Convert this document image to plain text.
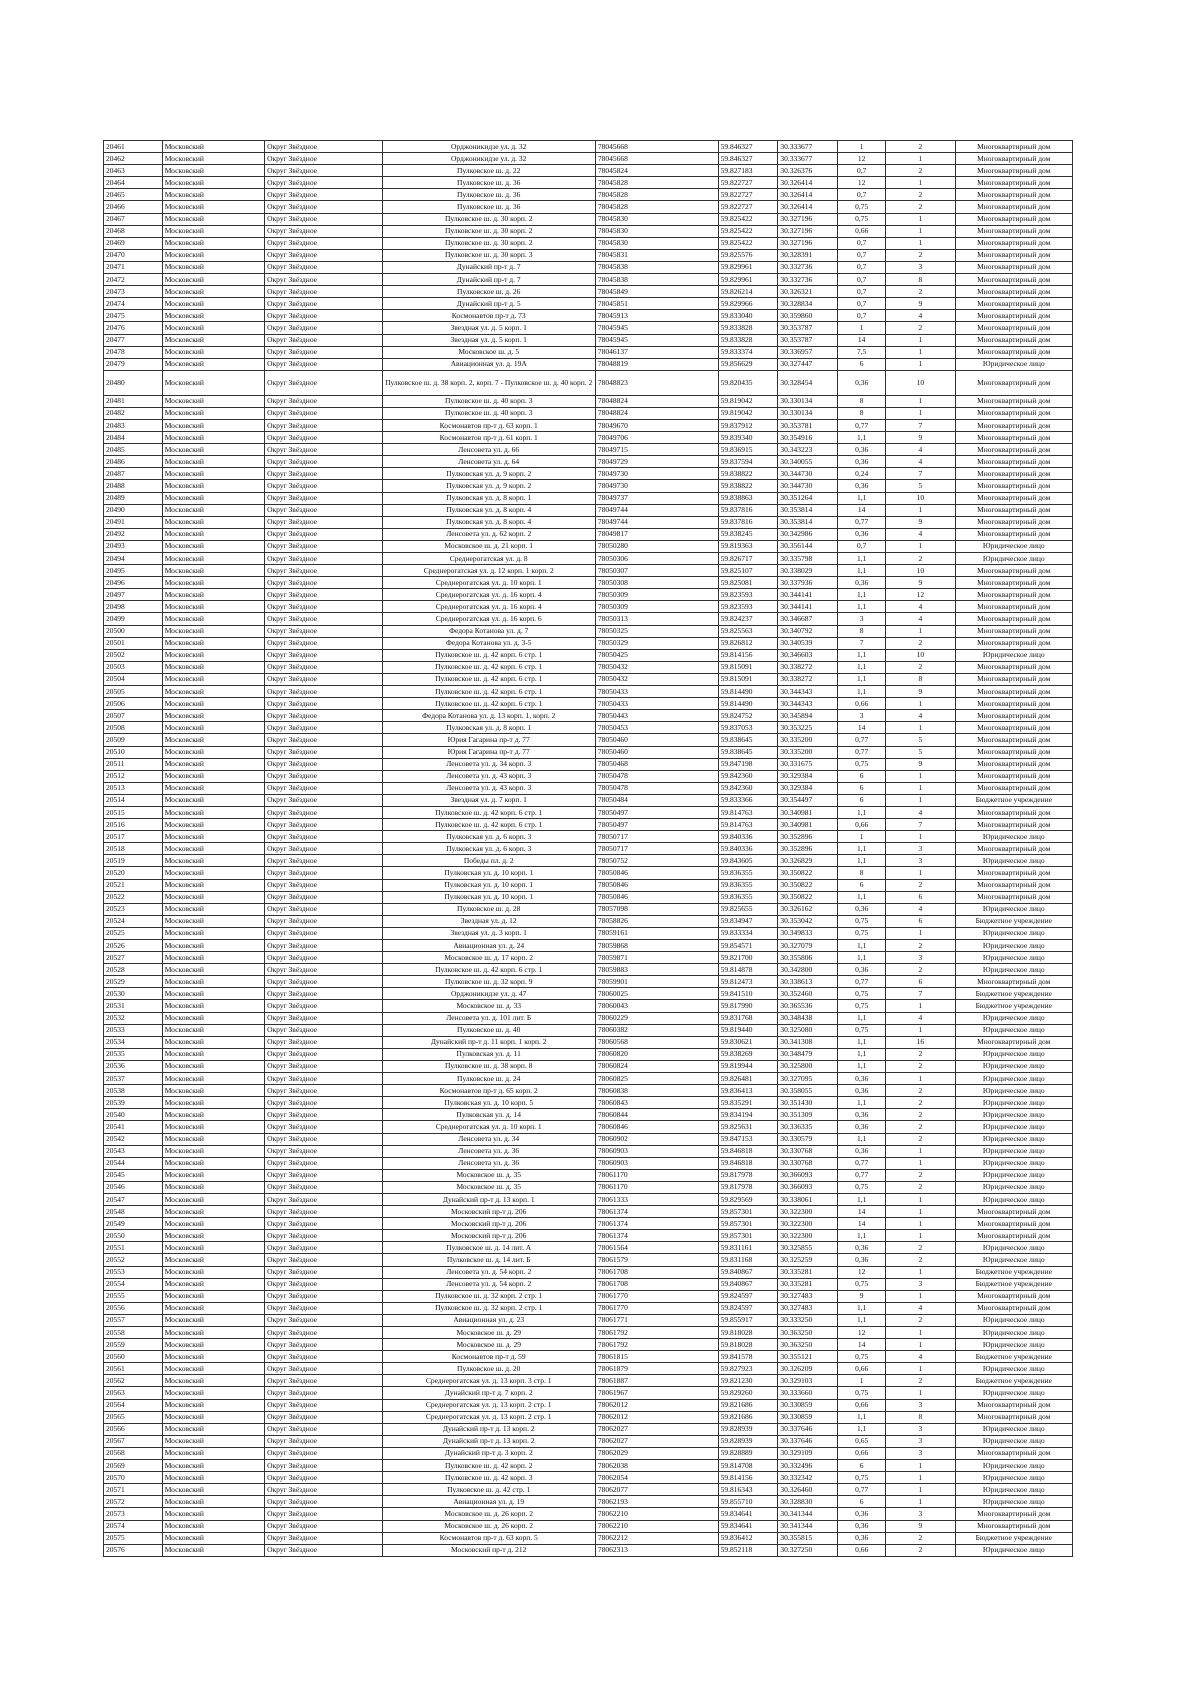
20461	Московский	Округ Звёздное	Орджоникидзе ул. д. 32	78045668	59.846327	30.333677	1	2	Многоквартирный дом
20462	Московский	Округ Звёздное	Орджоникидзе ул. д. 32	78045668	59.846327	30.333677	12	1	Многоквартирный дом
20463	Московский	Округ Звёздное	Пулковское ш. д. 22	78045824	59.827183	30.326376	0,7	2	Многоквартирный дом
20464	Московский	Округ Звёздное	Пулковское ш. д. 36	78045828	59.822727	30.326414	12	1	Многоквартирный дом
20465	Московский	Округ Звёздное	Пулковское ш. д. 36	78045828	59.822727	30.326414	0,7	2	Многоквартирный дом
20466	Московский	Округ Звёздное	Пулковское ш. д. 36	78045828	59.822727	30.326414	0,75	2	Многоквартирный дом
20467	Московский	Округ Звёздное	Пулковское ш. д. 30 корп. 2	78045830	59.825422	30.327196	0,75	1	Многоквартирный дом
20468	Московский	Округ Звёздное	Пулковское ш. д. 30 корп. 2	78045830	59.825422	30.327196	0,66	1	Многоквартирный дом
20469	Московский	Округ Звёздное	Пулковское ш. д. 30 корп. 2	78045830	59.825422	30.327196	0,7	1	Многоквартирный дом
20470	Московский	Округ Звёздное	Пулковское ш. д. 30 корп. 3	78045831	59.825576	30.328391	0,7	2	Многоквартирный дом
20471	Московский	Округ Звёздное	Дунайский пр-т д. 7	78045838	59.829961	30.332736	0,7	3	Многоквартирный дом
20472	Московский	Округ Звёздное	Дунайский пр-т д. 7	78045838	59.829961	30.332736	0,7	8	Многоквартирный дом
20473	Московский	Округ Звёздное	Пулковское ш. д. 26	78045849	59.826214	30.326321	0,7	2	Многоквартирный дом
20474	Московский	Округ Звёздное	Дунайский пр-т д. 5	78045851	59.829966	30.328834	0,7	9	Многоквартирный дом
20475	Московский	Округ Звёздное	Космонавтов пр-т д. 73	78045913	59.833040	30.359860	0,7	4	Многоквартирный дом
20476	Московский	Округ Звёздное	Звездная ул. д. 5 корп. 1	78045945	59.833828	30.353787	1	2	Многоквартирный дом
20477	Московский	Округ Звёздное	Звездная ул. д. 5 корп. 1	78045945	59.833828	30.353787	14	1	Многоквартирный дом
20478	Московский	Округ Звёздное	Московское ш. д. 5	78046137	59.833374	30.336957	7,5	1	Многоквартирный дом
20479	Московский	Округ Звёздное	Авиационная ул. д. 19А	78048819	59.856629	30.327447	6	1	Юридическое лицо
20480	Московский	Округ Звёздное	Пулковское ш. д. 38 корп. 2, корп. 7 - Пулковское ш. д. 40 корп. 2	78048823	59.820435	30.328454	0,36	10	Многоквартирный дом
20481	Московский	Округ Звёздное	Пулковское ш. д. 40 корп. 3	78048824	59.819042	30.330134	8	1	Многоквартирный дом
20482	Московский	Округ Звёздное	Пулковское ш. д. 40 корп. 3	78048824	59.819042	30.330134	8	1	Многоквартирный дом
20483	Московский	Округ Звёздное	Космонавтов пр-т д. 63 корп. 1	78049670	59.837912	30.353781	0,77	7	Многоквартирный дом
20484	Московский	Округ Звёздное	Космонавтов пр-т д. 61 корп. 1	78049706	59.839340	30.354916	1,1	9	Многоквартирный дом
20485	Московский	Округ Звёздное	Ленсовета ул. д. 66	78049715	59.836915	30.343223	0,36	4	Многоквартирный дом
20486	Московский	Округ Звёздное	Ленсовета ул. д. 64	78049729	59.837594	30.340055	0,36	4	Многоквартирный дом
20487	Московский	Округ Звёздное	Пулковская ул. д. 9 корп. 2	78049730	59.838822	30.344730	0,24	7	Многоквартирный дом
20488	Московский	Округ Звёздное	Пулковская ул. д. 9 корп. 2	78049730	59.838822	30.344730	0,36	5	Многоквартирный дом
20489	Московский	Округ Звёздное	Пулковская ул. д. 8 корп. 1	78049737	59.838863	30.351264	1,1	10	Многоквартирный дом
20490	Московский	Округ Звёздное	Пулковская ул. д. 8 корп. 4	78049744	59.837816	30.353814	14	1	Многоквартирный дом
20491	Московский	Округ Звёздное	Пулковская ул. д. 8 корп. 4	78049744	59.837816	30.353814	0,77	9	Многоквартирный дом
20492	Московский	Округ Звёздное	Ленсовета ул. д. 62 корп. 2	78049817	59.838245	30.342986	0,36	4	Многоквартирный дом
20493	Московский	Округ Звёздное	Московское ш. д. 21 корп. 1	78050280	59.819363	30.356144	0,7	1	Юридическое лицо
20494	Московский	Округ Звёздное	Среднерогатская ул. д. 8	78050306	59.826717	30.335798	1,1	2	Юридическое лицо
20495	Московский	Округ Звёздное	Среднерогатская ул. д. 12 корп. 1 корп. 2	78050307	59.825107	30.338029	1,1	10	Многоквартирный дом
20496	Московский	Округ Звёздное	Среднерогатская ул. д. 10 корп. 1	78050308	59.825081	30.337936	0,36	9	Многоквартирный дом
20497	Московский	Округ Звёздное	Среднерогатская ул. д. 16 корп. 4	78050309	59.823593	30.344141	1,1	12	Многоквартирный дом
20498	Московский	Округ Звёздное	Среднерогатская ул. д. 16 корп. 4	78050309	59.823593	30.344141	1,1	4	Многоквартирный дом
20499	Московский	Округ Звёздное	Среднерогатская ул. д. 16 корп. 6	78050313	59.824237	30.346687	3	4	Многоквартирный дом
20500	Московский	Округ Звёздное	Федора Котанова ул. д. 7	78050325	59.825563	30.340792	8	1	Многоквартирный дом
20501	Московский	Округ Звёздное	Федора Котанова ул. д. 3-5	78050329	59.826812	30.340539	7	2	Многоквартирный дом
20502	Московский	Округ Звёздное	Пулковское ш. д. 42 корп. 6 стр. 1	78050425	59.814156	30.346603	1,1	10	Юридическое лицо
20503	Московский	Округ Звёздное	Пулковское ш. д. 42 корп. 6 стр. 1	78050432	59.815091	30.338272	1,1	2	Многоквартирный дом
20504	Московский	Округ Звёздное	Пулковское ш. д. 42 корп. 6 стр. 1	78050432	59.815091	30.338272	1,1	8	Многоквартирный дом
20505	Московский	Округ Звёздное	Пулковское ш. д. 42 корп. 6 стр. 1	78050433	59.814490	30.344343	1,1	9	Многоквартирный дом
20506	Московский	Округ Звёздное	Пулковское ш. д. 42 корп. 6 стр. 1	78050433	59.814490	30.344343	0,66	1	Многоквартирный дом
20507	Московский	Округ Звёздное	Федора Котанова ул. д. 13 корп. 1, корп. 2	78050443	59.824752	30.345894	3	4	Многоквартирный дом
20508	Московский	Округ Звёздное	Пулковская ул. д. 8 корп. 1	78050453	59.837053	30.353225	14	1	Многоквартирный дом
20509	Московский	Округ Звёздное	Юрия Гагарина пр-т д. 77	78050460	59.838645	30.335200	0,77	5	Многоквартирный дом
20510	Московский	Округ Звёздное	Юрия Гагарина пр-т д. 77	78050460	59.838645	30.335200	0,77	5	Многоквартирный дом
20511	Московский	Округ Звёздное	Ленсовета ул. д. 34 корп. 3	78050468	59.847198	30.331675	0,75	9	Многоквартирный дом
20512	Московский	Округ Звёздное	Ленсовета ул. д. 43 корп. 3	78050478	59.842360	30.329384	6	1	Многоквартирный дом
20513	Московский	Округ Звёздное	Ленсовета ул. д. 43 корп. 3	78050478	59.842360	30.329384	6	1	Многоквартирный дом
20514	Московский	Округ Звёздное	Звездная ул. д. 7 корп. 1	78050484	59.833366	30.354497	6	1	Бюджетное учреждение
20515	Московский	Округ Звёздное	Пулковское ш. д. 42 корп. 6 стр. 1	78050497	59.814763	30.340981	1,1	4	Многоквартирный дом
20516	Московский	Округ Звёздное	Пулковское ш. д. 42 корп. 6 стр. 1	78050497	59.814763	30.340981	0,66	7	Многоквартирный дом
20517	Московский	Округ Звёздное	Пулковская ул. д. 6 корп. 3	78050717	59.840336	30.352896	1	1	Юридическое лицо
20518	Московский	Округ Звёздное	Пулковская ул. д. 6 корп. 3	78050717	59.840336	30.352896	1,1	3	Многоквартирный дом
20519	Московский	Округ Звёздное	Победы пл. д. 2	78050752	59.843605	30.326829	1,1	3	Юридическое лицо
20520	Московский	Округ Звёздное	Пулковская ул. д. 10 корп. 1	78050846	59.836355	30.350822	8	1	Многоквартирный дом
20521	Московский	Округ Звёздное	Пулковская ул. д. 10 корп. 1	78050846	59.836355	30.350822	6	2	Многоквартирный дом
20522	Московский	Округ Звёздное	Пулковская ул. д. 10 корп. 1	78050846	59.836355	30.350822	1,1	6	Многоквартирный дом
20523	Московский	Округ Звёздное	Пулковское ш. д. 28	78057098	59.825655	30.326162	0,36	4	Юридическое лицо
20524	Московский	Округ Звёздное	Звездная ул. д. 12	78058826	59.834947	30.353042	0,75	6	Бюджетное учреждение
20525	Московский	Округ Звёздное	Звездная ул. д. 3 корп. 1	78059161	59.833334	30.349833	0,75	1	Юридическое лицо
20526	Московский	Округ Звёздное	Авиационная ул. д. 24	78059868	59.854571	30.327079	1,1	2	Юридическое лицо
20527	Московский	Округ Звёздное	Московское ш. д. 17 корп. 2	78059871	59.821700	30.355806	1,1	3	Юридическое лицо
20528	Московский	Округ Звёздное	Пулковское ш. д. 42 корп. 6 стр. 1	78059883	59.814878	30.342800	0,36	2	Юридическое лицо
20529	Московский	Округ Звёздное	Пулковское ш. д. 32 корп. 9	78059901	59.812473	30.338613	0,77	6	Многоквартирный дом
20530	Московский	Округ Звёздное	Орджоникидзе ул. д. 47	78060025	59.841510	30.352460	0,75	7	Бюджетное учреждение
20531	Московский	Округ Звёздное	Московское ш. д. 33	78060043	59.817990	30.365536	0,75	1	Бюджетное учреждение
20532	Московский	Округ Звёздное	Ленсовета ул. д. 101 лит. Б	78060229	59.831768	30.348438	1,1	4	Юридическое лицо
20533	Московский	Округ Звёздное	Пулковское ш. д. 40	78060382	59.819440	30.325080	0,75	1	Юридическое лицо
20534	Московский	Округ Звёздное	Дунайский пр-т д. 11 корп. 1 корп. 2	78060568	59.830621	30.341308	1,1	16	Многоквартирный дом
20535	Московский	Округ Звёздное	Пулковская ул. д. 11	78060820	59.838269	30.348479	1,1	2	Юридическое лицо
20536	Московский	Округ Звёздное	Пулковское ш. д. 38 корп. 8	78060824	59.819944	30.325800	1,1	2	Юридическое лицо
20537	Московский	Округ Звёздное	Пулковское ш. д. 24	78060825	59.826481	30.327095	0,36	1	Юридическое лицо
20538	Московский	Округ Звёздное	Космонавтов пр-т д. 65 корп. 2	78060838	59.836413	30.358055	0,36	2	Юридическое лицо
20539	Московский	Округ Звёздное	Пулковская ул. д. 10 корп. 5	78060843	59.835291	30.351430	1,1	2	Юридическое лицо
20540	Московский	Округ Звёздное	Пулковская ул. д. 14	78060844	59.834194	30.351309	0,36	2	Юридическое лицо
20541	Московский	Округ Звёздное	Среднерогатская ул. д. 10 корп. 1	78060846	59.825631	30.336335	0,36	2	Юридическое лицо
20542	Московский	Округ Звёздное	Ленсовета ул. д. 34	78060902	59.847153	30.330579	1,1	2	Юридическое лицо
20543	Московский	Округ Звёздное	Ленсовета ул. д. 36	78060903	59.846818	30.330768	0,36	1	Юридическое лицо
20544	Московский	Округ Звёздное	Ленсовета ул. д. 36	78060903	59.846818	30.330768	0,77	1	Юридическое лицо
20545	Московский	Округ Звёздное	Московское ш. д. 35	78061170	59.817978	30.366093	0,77	2	Юридическое лицо
20546	Московский	Округ Звёздное	Московское ш. д. 35	78061170	59.817978	30.366093	0,75	2	Юридическое лицо
20547	Московский	Округ Звёздное	Дунайский пр-т д. 13 корп. 1	78061333	59.829569	30.338061	1,1	1	Юридическое лицо
20548	Московский	Округ Звёздное	Московский пр-т д. 206	78061374	59.857301	30.322300	14	1	Многоквартирный дом
20549	Московский	Округ Звёздное	Московский пр-т д. 206	78061374	59.857301	30.322300	14	1	Многоквартирный дом
20550	Московский	Округ Звёздное	Московский пр-т д. 206	78061374	59.857301	30.322300	1,1	1	Многоквартирный дом
20551	Московский	Округ Звёздное	Пулковское ш. д. 14 лит. А	78061564	59.831161	30.325855	0,36	2	Юридическое лицо
20552	Московский	Округ Звёздное	Пулковское ш. д. 14 лит. Б	78061579	59.831168	30.325259	0,36	2	Юридическое лицо
20553	Московский	Округ Звёздное	Ленсовета ул. д. 54 корп. 2	78061708	59.840867	30.335281	12	1	Бюджетное учреждение
20554	Московский	Округ Звёздное	Ленсовета ул. д. 54 корп. 2	78061708	59.840867	30.335281	0,75	3	Бюджетное учреждение
20555	Московский	Округ Звёздное	Пулковское ш. д. 32 корп. 2 стр. 1	78061770	59.824597	30.327483	9	1	Многоквартирный дом
20556	Московский	Округ Звёздное	Пулковское ш. д. 32 корп. 2 стр. 1	78061770	59.824597	30.327483	1,1	4	Многоквартирный дом
20557	Московский	Округ Звёздное	Авиационная ул. д. 23	78061771	59.855917	30.333250	1,1	2	Юридическое лицо
20558	Московский	Округ Звёздное	Московское ш. д. 29	78061792	59.818028	30.363250	12	1	Юридическое лицо
20559	Московский	Округ Звёздное	Московское ш. д. 29	78061792	59.818028	30.363250	14	1	Юридическое лицо
20560	Московский	Округ Звёздное	Космонавтов пр-т д. 59	78061815	59.841578	30.355121	0,75	4	Бюджетное учреждение
20561	Московский	Округ Звёздное	Пулковское ш. д. 20	78061879	59.827923	30.326209	0,66	1	Юридическое лицо
20562	Московский	Округ Звёздное	Среднерогатская ул. д. 13 корп. 3 стр. 1	78061887	59.821230	30.329103	1	2	Бюджетное учреждение
20563	Московский	Округ Звёздное	Дунайский пр-т д. 7 корп. 2	78061967	59.829260	30.333660	0,75	1	Юридическое лицо
20564	Московский	Округ Звёздное	Среднерогатская ул. д. 13 корп. 2 стр. 1	78062012	59.821686	30.330859	0,66	3	Многоквартирный дом
20565	Московский	Округ Звёздное	Среднерогатская ул. д. 13 корп. 2 стр. 1	78062012	59.821686	30.330859	1,1	8	Многоквартирный дом
20566	Московский	Округ Звёздное	Дунайский пр-т д. 13 корп. 2	78062027	59.828939	30.337646	1,1	3	Юридическое лицо
20567	Московский	Округ Звёздное	Дунайский пр-т д. 13 корп. 2	78062027	59.828939	30.337646	0,65	3	Юридическое лицо
20568	Московский	Округ Звёздное	Дунайский пр-т д. 3 корп. 2	78062029	59.828889	30.329109	0,66	3	Многоквартирный дом
20569	Московский	Округ Звёздное	Пулковское ш. д. 42 корп. 2	78062038	59.814708	30.332496	6	1	Юридическое лицо
20570	Московский	Округ Звёздное	Пулковское ш. д. 42 корп. 3	78062054	59.814156	30.332342	0,75	1	Юридическое лицо
20571	Московский	Округ Звёздное	Пулковское ш. д. 42 стр. 1	78062077	59.816343	30.326460	0,77	1	Юридическое лицо
20572	Московский	Округ Звёздное	Авиационная ул. д. 19	78062193	59.855710	30.328830	6	1	Юридическое лицо
20573	Московский	Округ Звёздное	Московское ш. д. 26 корп. 2	78062210	59.834641	30.341344	0,36	3	Многоквартирный дом
20574	Московский	Округ Звёздное	Московское ш. д. 26 корп. 2	78062210	59.834641	30.341344	0,36	9	Многоквартирный дом
20575	Московский	Округ Звёздное	Космонавтов пр-т д. 63 корп. 5	78062212	59.836412	30.355815	0,36	2	Бюджетное учреждение
20576	Московский	Округ Звёздное	Московский пр-т д. 212	78062313	59.852118	30.327250	0,66	2	Юридическое лицо
